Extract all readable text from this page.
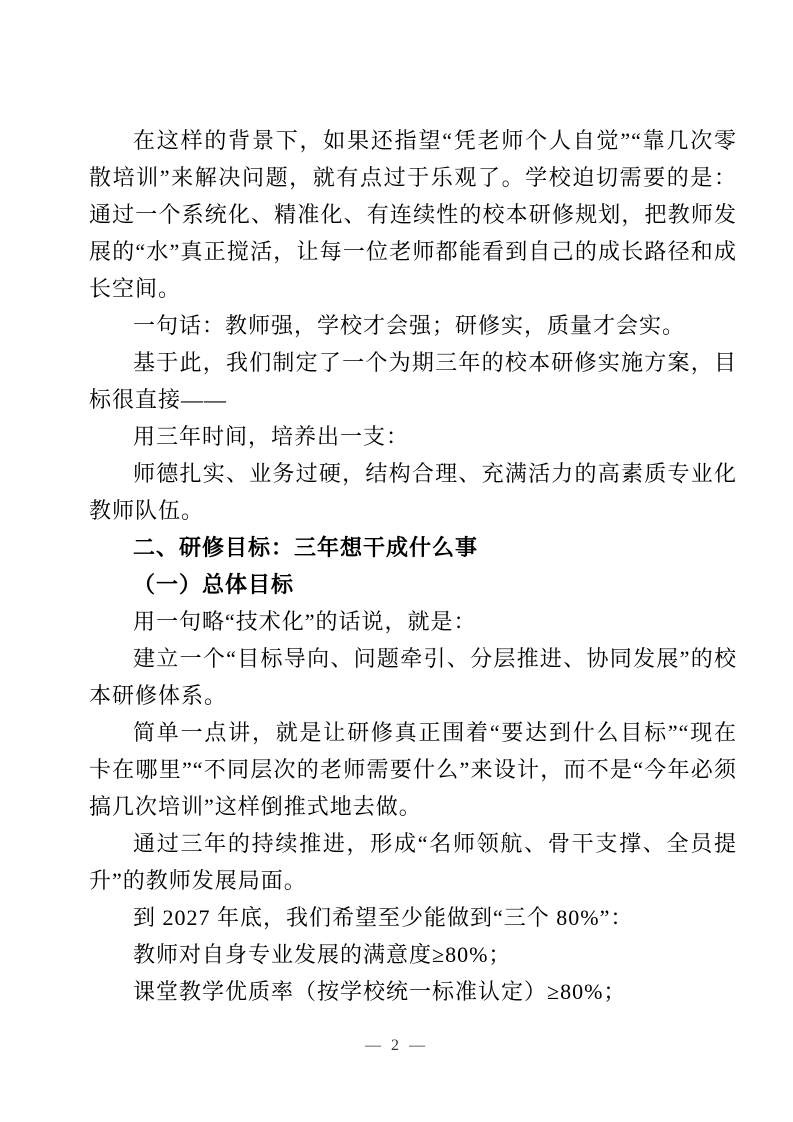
在这样的背景下，如果还指望“凭老师个人自觉”“靠几次零散培训”来解决问题，就有点过于乐观了。学校迫切需要的是：通过一个系统化、精准化、有连续性的校本研修规划，把教师发展的“水”真正搅活，让每一位老师都能看到自己的成长路径和成长空间。

一句话：教师强，学校才会强；研修实，质量才会实。

基于此，我们制定了一个为期三年的校本研修实施方案，目标很直接——

用三年时间，培养出一支：

师德扎实、业务过硬，结构合理、充满活力的高素质专业化教师队伍。

二、研修目标：三年想干成什么事

（一）总体目标

用一句略“技术化”的话说，就是：

建立一个“目标导向、问题牵引、分层推进、协同发展”的校本研修体系。

简单一点讲，就是让研修真正围着“要达到什么目标”“现在卡在哪里”“不同层次的老师需要什么”来设计，而不是“今年必须搞几次培训”这样倒推式地去做。

通过三年的持续推进，形成“名师领航、骨干支撑、全员提升”的教师发展局面。

到 2027 年底，我们希望至少能做到“三个 80%”：

教师对自身专业发展的满意度≥80%；

课堂教学优质率（按学校统一标准认定）≥80%；

— 2 —
